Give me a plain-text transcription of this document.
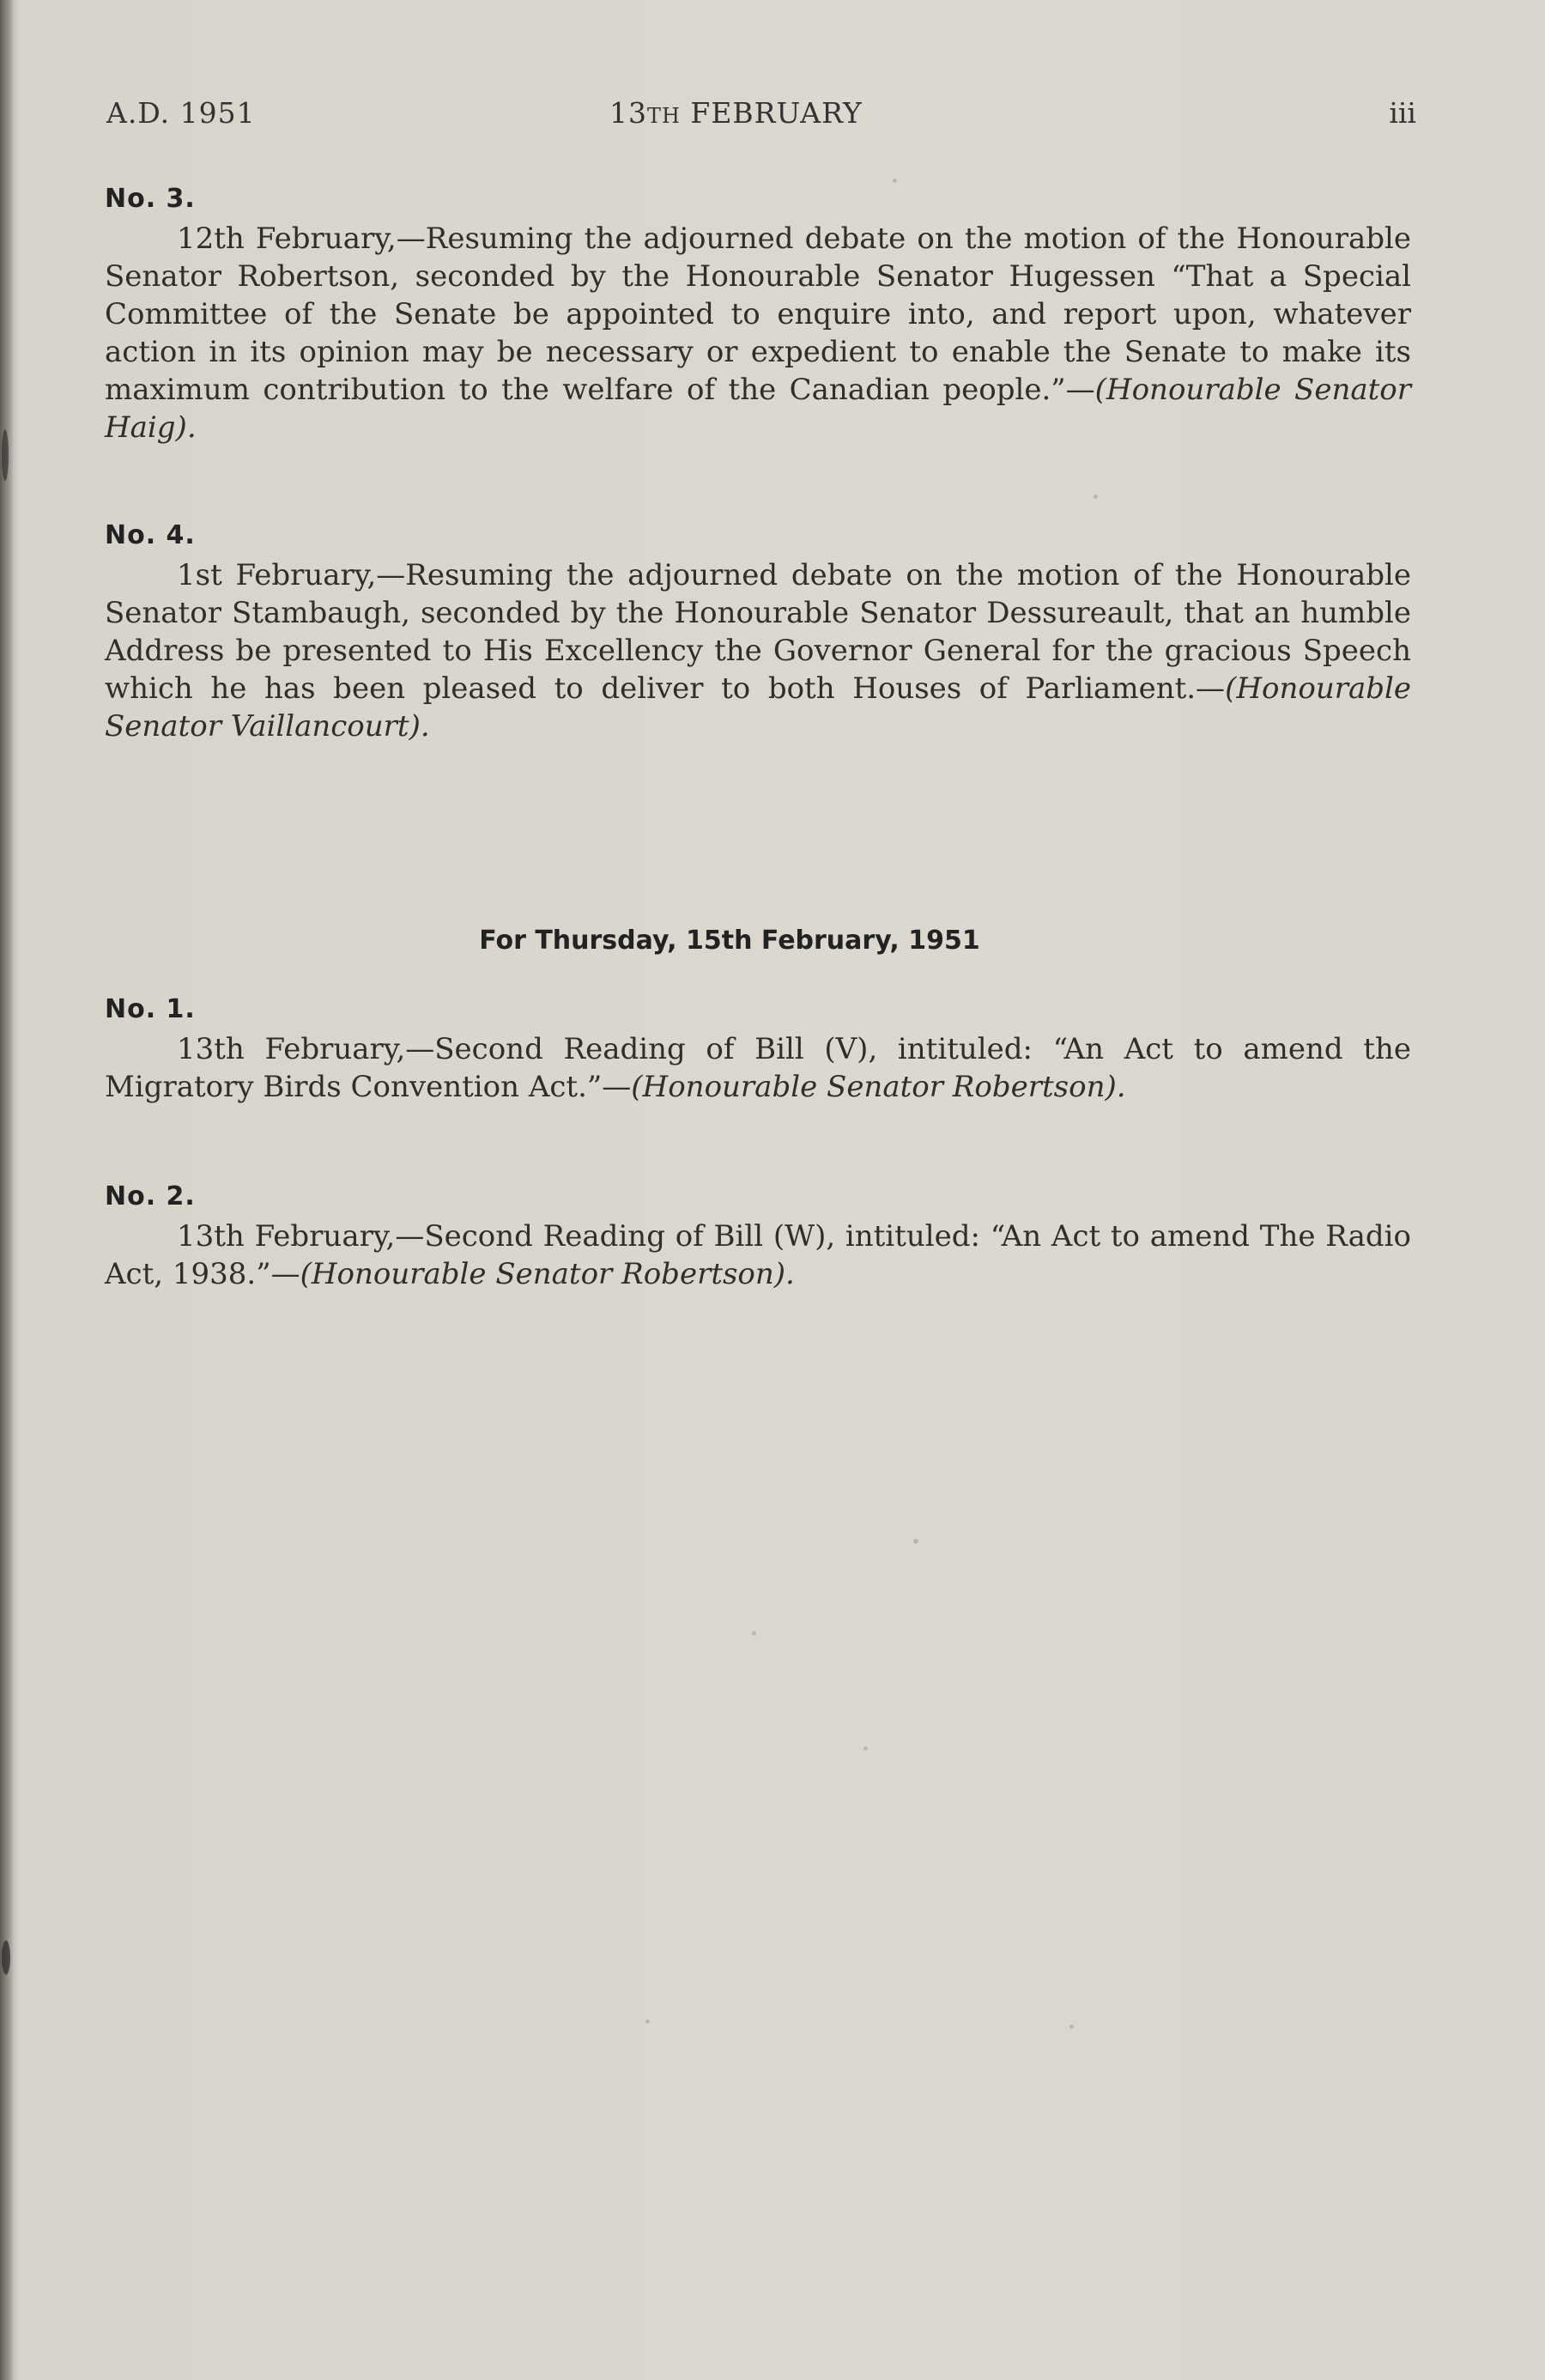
A.D. 1951	13TH FEBRUARY	iii

No. 3.

12th February,—Resuming the adjourned debate on the motion of the Honourable Senator Robertson, seconded by the Honourable Senator Hugessen “That a Special Committee of the Senate be appointed to enquire into, and report upon, whatever action in its opinion may be necessary or expedient to enable the Senate to make its maximum contribution to the welfare of the Canadian people.”—(Honourable Senator Haig).

No. 4.

1st February,—Resuming the adjourned debate on the motion of the Honourable Senator Stambaugh, seconded by the Honourable Senator Dessureault, that an humble Address be presented to His Excellency the Governor General for the gracious Speech which he has been pleased to deliver to both Houses of Parliament.—(Honourable Senator Vaillancourt).

For Thursday, 15th February, 1951

No. 1.

13th February,—Second Reading of Bill (V), intituled: “An Act to amend the Migratory Birds Convention Act.”—(Honourable Senator Robertson).

No. 2.

13th February,—Second Reading of Bill (W), intituled: “An Act to amend The Radio Act, 1938.”—(Honourable Senator Robertson).
